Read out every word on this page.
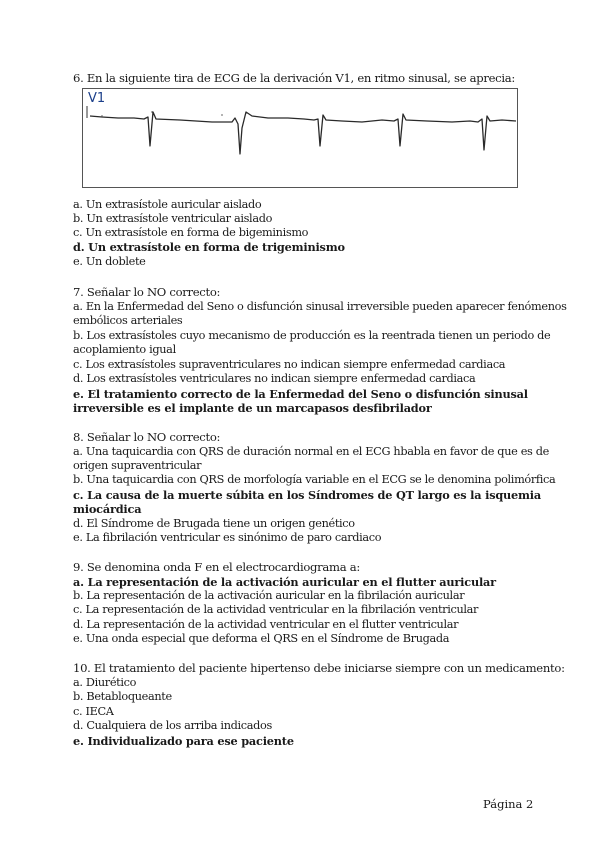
6. En la siguiente tira de ECG de la derivación V1, en ritmo sinusal, se aprecia:
V1
a. Un extrasístole auricular aislado
b. Un extrasístole ventricular aislado
c. Un extrasístole en forma de bigeminismo
d. Un extrasístole en forma de trigeminismo
e. Un doblete
7. Señalar lo NO correcto:
a. En la Enfermedad del Seno o disfunción sinusal irreversible pueden aparecer fenómenos
embólicos arteriales
b. Los extrasístoles cuyo mecanismo de producción es la reentrada tienen un periodo de
acoplamiento igual
c. Los extrasístoles supraventriculares no indican siempre enfermedad cardiaca
d. Los extrasístoles ventriculares no indican siempre enfermedad cardiaca
e. El tratamiento correcto de la Enfermedad del Seno o disfunción sinusal
irreversible es el implante de un marcapasos desfibrilador
8. Señalar lo NO correcto:
a. Una taquicardia con QRS de duración normal en el ECG hbabla en favor de que es de
origen supraventricular
b. Una taquicardia con QRS de morfología variable en el ECG se le denomina polimórfica
c. La causa de la muerte súbita en los Síndromes de QT largo es la isquemia
miocárdica
d. El Síndrome de Brugada tiene un origen genético
e. La fibrilación ventricular es sinónimo de paro cardiaco
9. Se denomina onda F en el electrocardiograma a:
a. La representación de la activación auricular en el flutter auricular
b. La representación de la activación auricular en la fibrilación auricular
c. La representación de la actividad ventricular en la fibrilación ventricular
d. La representación de la actividad ventricular en el flutter ventricular
e. Una onda especial que deforma el QRS en el Síndrome de Brugada
10. El tratamiento del paciente hipertenso debe iniciarse siempre con un medicamento:
a. Diurético
b. Betabloqueante
c. IECA
d. Cualquiera de los arriba indicados
e. Individualizado para ese paciente
Página 2
